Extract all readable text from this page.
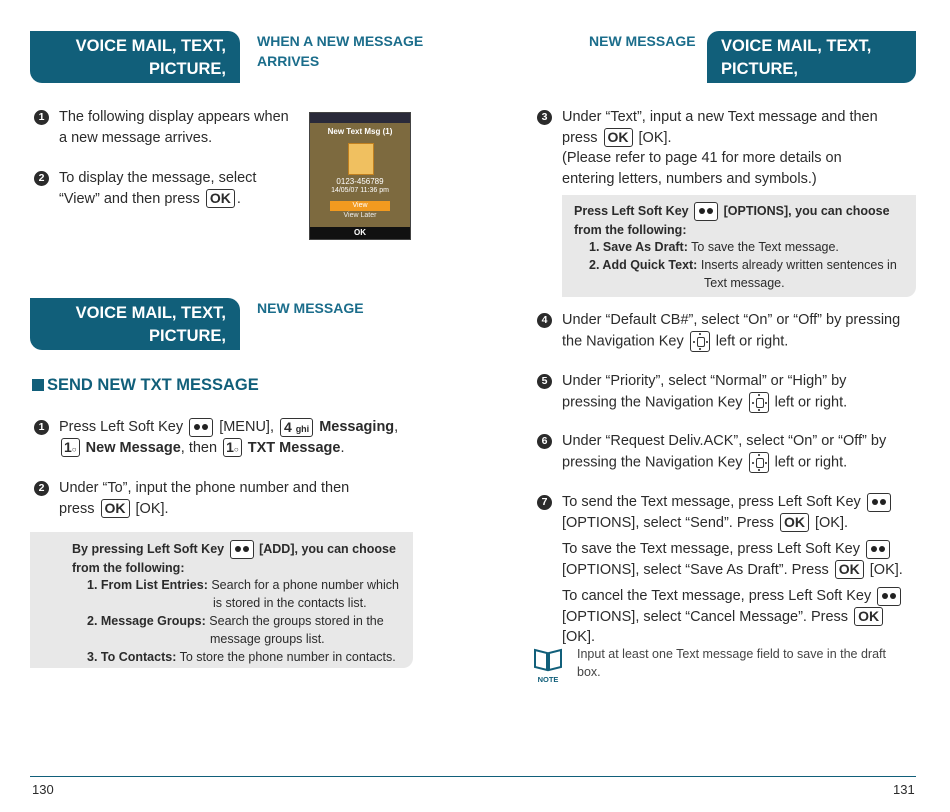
VOICE MAIL, TEXT, PICTURE,
VIDEO MESSAGING
WHEN A NEW MESSAGE
ARRIVES
1	The following display appears when
a new message arrives.
2	To display the message, select
“View” and then press OK .
New Text Msg (1)
0123-456789
14/05/07 11:36 pm
View
View Later
OK
VOICE MAIL, TEXT, PICTURE,
VIDEO MESSAGING
NEW MESSAGE
SEND NEW TXT MESSAGE
1	Press Left Soft Key [MENU], 4 ghi Messaging,
1○ New Message, then 1○ TXT Message.
2	Under “To”, input the phone number and then
press OK [OK].
By pressing Left Soft Key	[ADD], you can choose
from the following:
1. From List Entries: Search for a phone number which
is stored in the contacts list.
2. Message Groups: Search the groups stored in the
message groups list.
3. To Contacts: To store the phone number in contacts.
NEW MESSAGE VOICE MAIL, TEXT, PICTURE,
VIDEO MESSAGING
3	Under “Text”, input a new Text message and then
press OK [OK].
(Please refer to page 41 for more details on
entering letters, numbers and symbols.)
Press Left Soft Key	[OPTIONS], you can choose
from the following:
1. Save As Draft: To save the Text message.
2. Add Quick Text: Inserts already written sentences in
Text message.
4	Under “Default CB#”, select “On” or “Off” by pressing
the Navigation Key left or right.
5	Under “Priority”, select “Normal” or “High” by
pressing the Navigation Key left or right.
6	Under “Request Deliv.ACK”, select “On” or “Off” by
pressing the Navigation Key left or right.
7	To send the Text message, press Left Soft Key
[OPTIONS], select “Send”. Press OK [OK].
To save the Text message, press Left Soft Key
[OPTIONS], select “Save As Draft”. Press OK [OK].
To cancel the Text message, press Left Soft Key
[OPTIONS], select “Cancel Message”. Press OK [OK].
NOTE
Input at least one Text message field to save in the draft
box.
130	131
